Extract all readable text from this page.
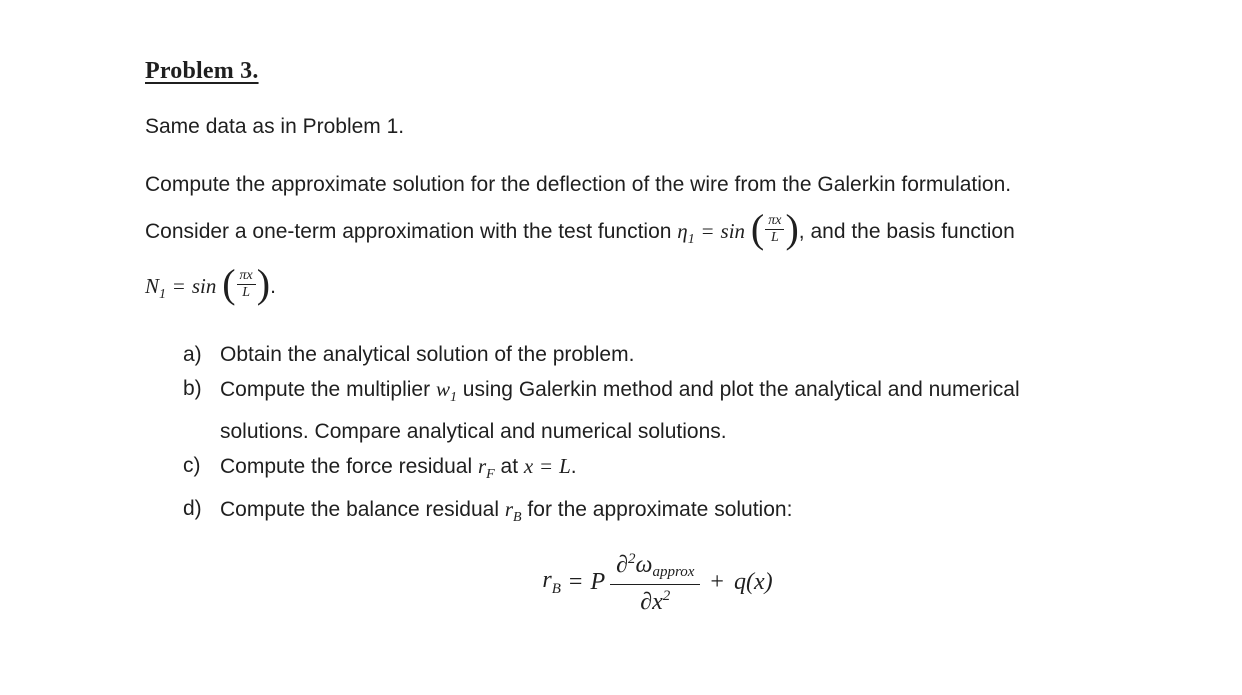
Problem 3.

Same data as in Problem 1.

Compute the approximate solution for the deflection of the wire from the Galerkin formulation.
Consider a one-term approximation with the test function $\eta_1 = \sin$ ( $\frac{\pi x}{L}$ ), and the basis function
$N_1 = \sin$ ( $\frac{\pi x}{L}$ ).
a) Obtain the analytical solution of the problem.
b) Compute the multiplier $w_1$ using Galerkin method and plot the analytical and numerical
solutions. Compare analytical and numerical solutions.
c) Compute the force residual $r_F$ at x = L.
d) Compute the balance residual $r_B$ for the approximate solution:
$r_B = P$
∂$^2$ωapprox
$\partial x^2$
+ q(x)
